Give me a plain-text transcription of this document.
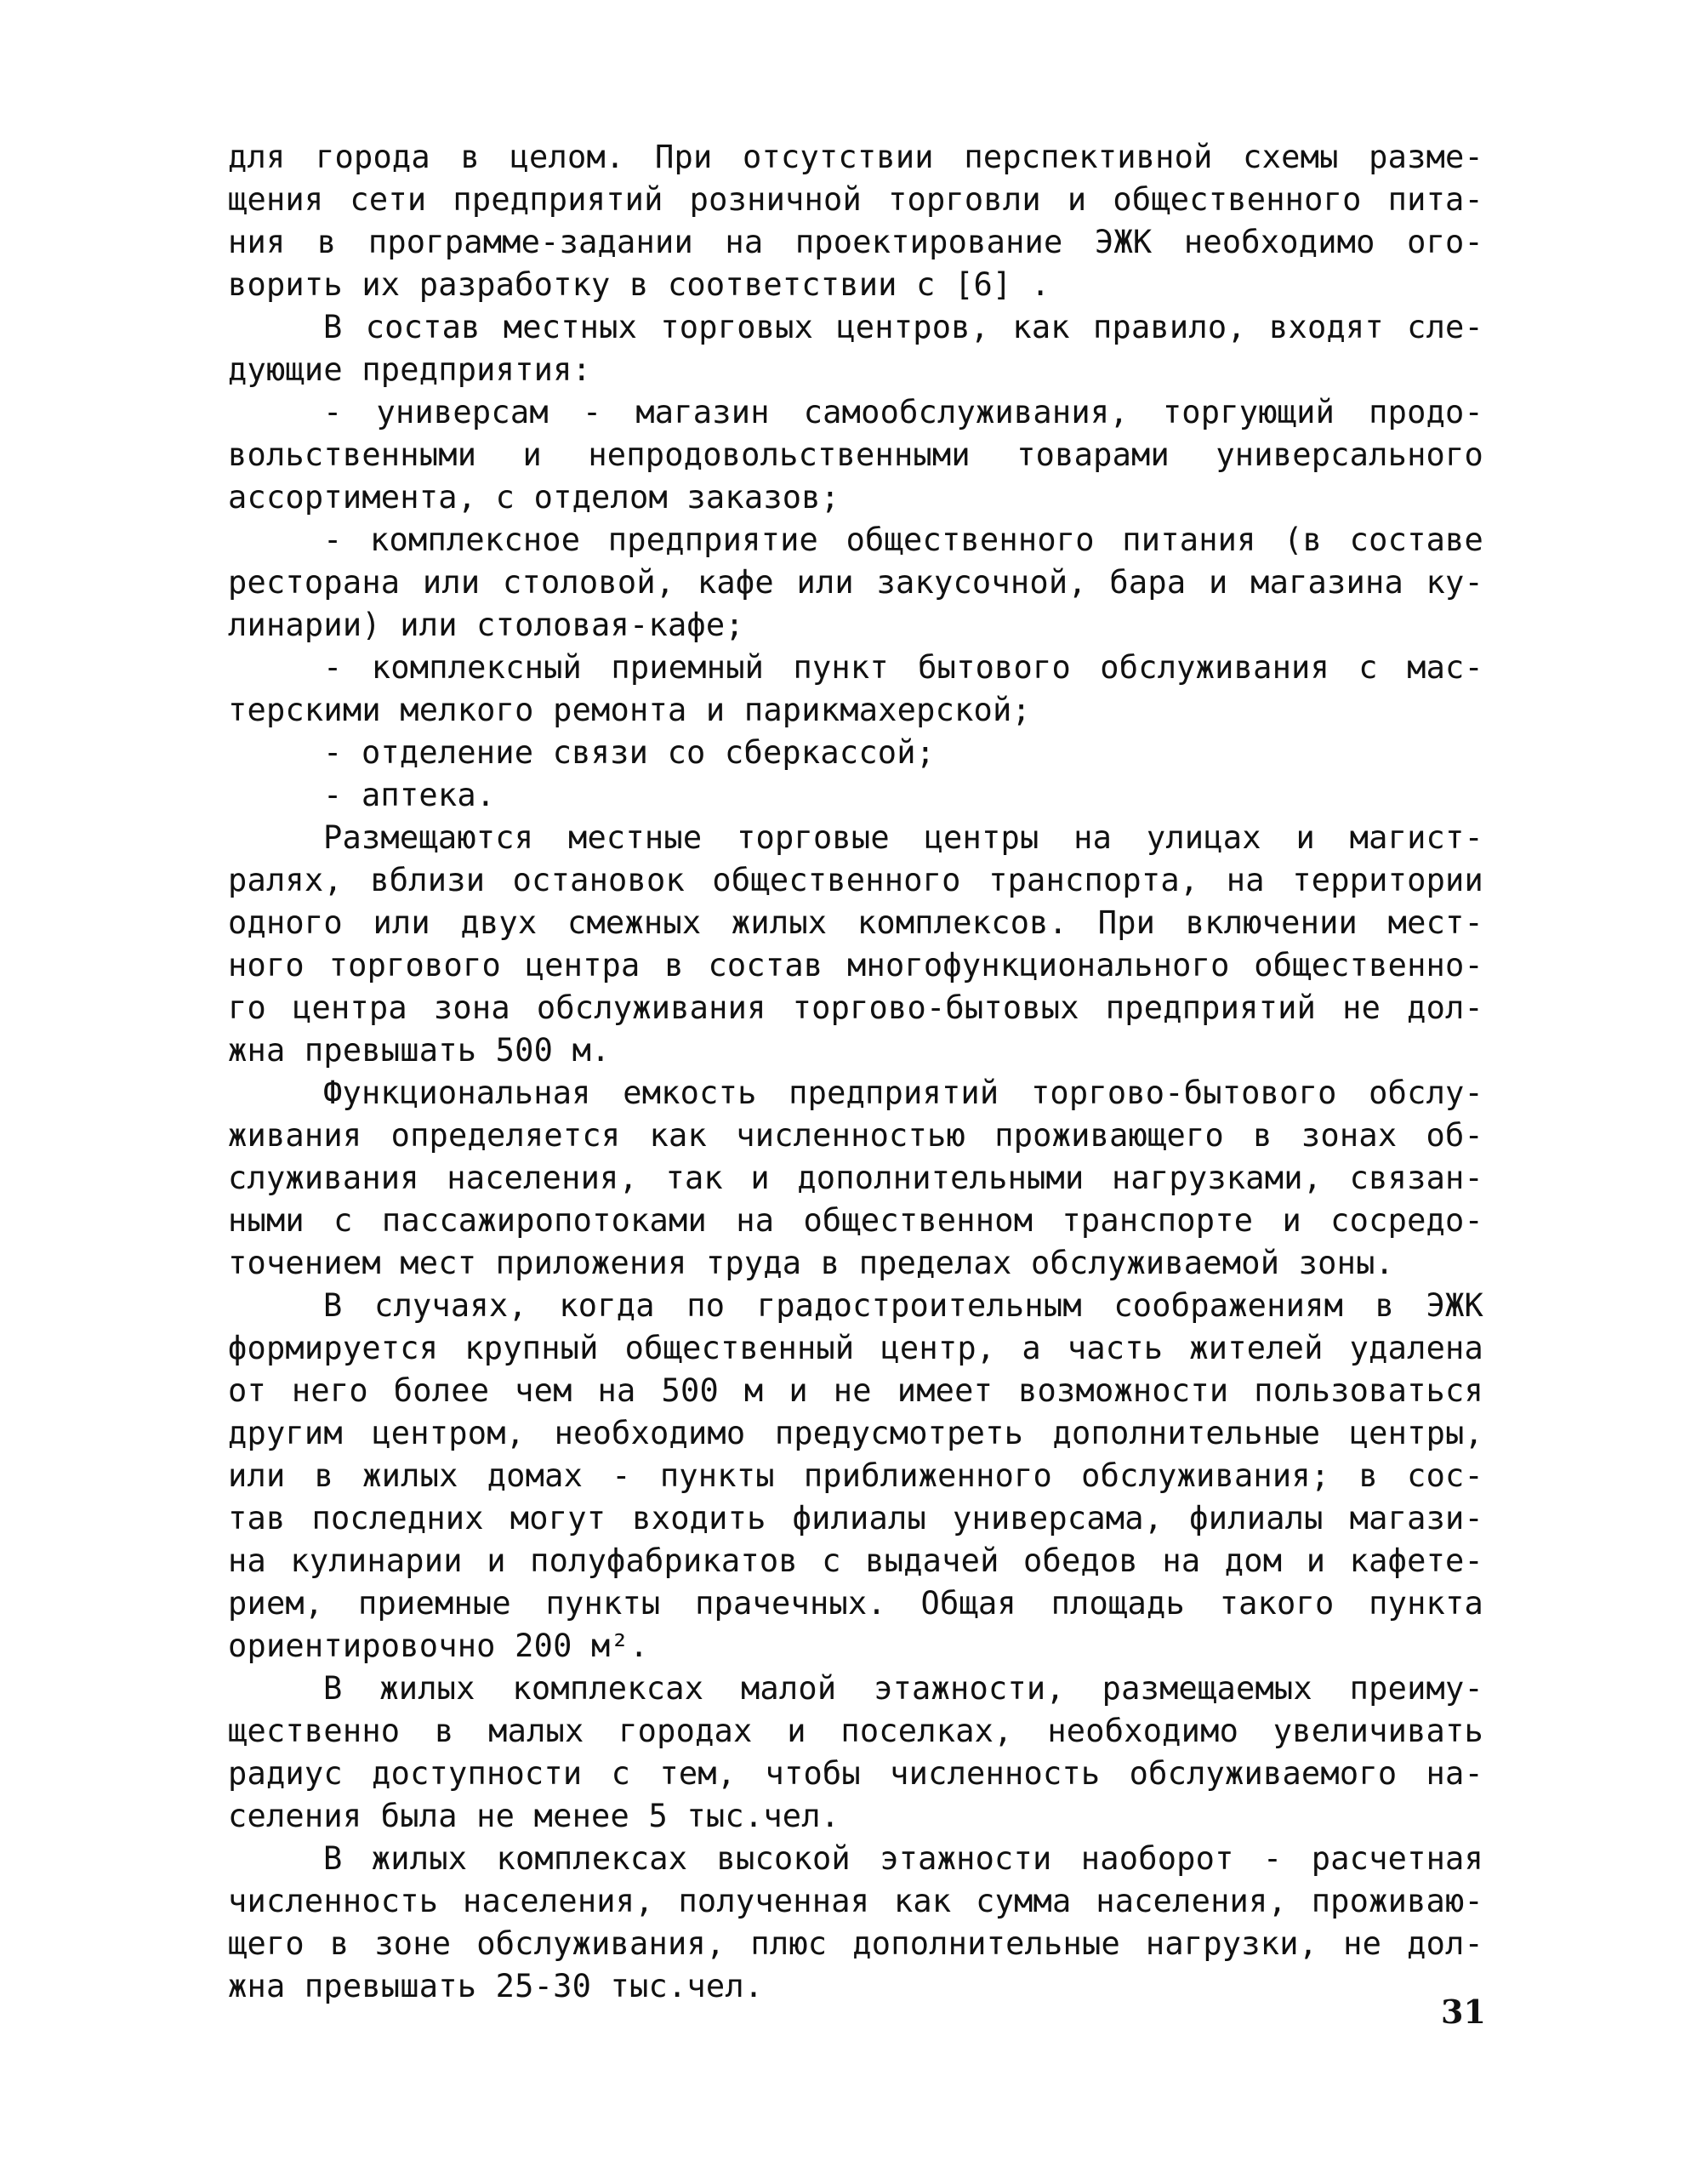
для города в целом. При отсутствии перспективной схемы разме-
щения сети предприятий розничной торговли и общественного пита-
ния в программе-задании на проектирование ЭЖК необходимо ого-
ворить их разработку в соответствии с [6] .
В состав местных торговых центров, как правило, входят сле-
дующие предприятия:
- универсам - магазин самообслуживания, торгующий продо-
вольственными и непродовольственными товарами универсального
ассортимента, с отделом заказов;
- комплексное предприятие общественного питания (в составе
ресторана или столовой, кафе или закусочной, бара и магазина ку-
линарии) или столовая-кафе;
- комплексный приемный пункт бытового обслуживания с мас-
терскими мелкого ремонта и парикмахерской;
- отделение связи со сберкассой;
- аптека.
Размещаются местные торговые центры на улицах и магист-
ралях, вблизи остановок общественного транспорта, на территории
одного или двух смежных жилых комплексов. При включении мест-
ного торгового центра в состав многофункционального общественно-
го центра зона обслуживания торгово-бытовых предприятий не дол-
жна превышать 500 м.
Функциональная емкость предприятий торгово-бытового обслу-
живания определяется как численностью проживающего в зонах об-
служивания населения, так и дополнительными нагрузками, связан-
ными с пассажиропотоками на общественном транспорте и сосредо-
точением мест приложения труда в пределах обслуживаемой зоны.
В случаях, когда по градостроительным соображениям в ЭЖК
формируется крупный общественный центр, а часть жителей удалена
от него более чем на 500 м и не имеет возможности пользоваться
другим центром, необходимо предусмотреть дополнительные центры,
или в жилых домах - пункты приближенного обслуживания; в сос-
тав последних могут входить филиалы универсама, филиалы магази-
на кулинарии и полуфабрикатов с выдачей обедов на дом и кафете-
рием, приемные пункты прачечных. Общая площадь такого пункта
ориентировочно 200 м².
В жилых комплексах малой этажности, размещаемых преиму-
щественно в малых городах и поселках, необходимо увеличивать
радиус доступности с тем, чтобы численность обслуживаемого на-
селения была не менее 5 тыс.чел.
В жилых комплексах высокой этажности наоборот - расчетная
численность населения, полученная как сумма населения, проживаю-
щего в зоне обслуживания, плюс дополнительные нагрузки, не дол-
жна превышать 25-30 тыс.чел.
31
